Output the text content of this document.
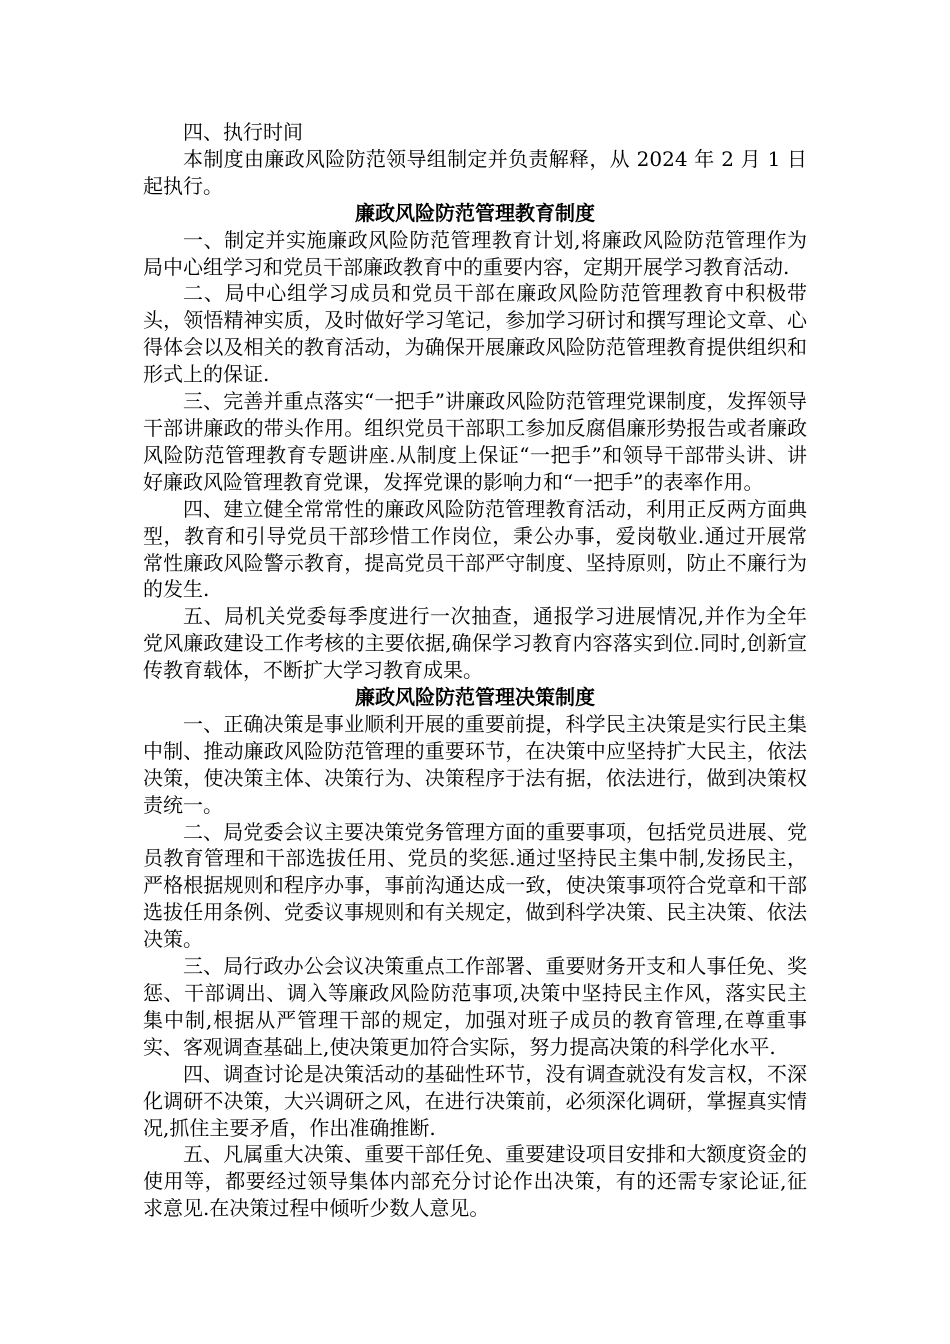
四、执行时间

本制度由廉政风险防范领导组制定并负责解释，从 2024 年 2 月 1 日起执行。

廉政风险防范管理教育制度

一、制定并实施廉政风险防范管理教育计划,将廉政风险防范管理作为局中心组学习和党员干部廉政教育中的重要内容，定期开展学习教育活动.

二、局中心组学习成员和党员干部在廉政风险防范管理教育中积极带头，领悟精神实质，及时做好学习笔记，参加学习研讨和撰写理论文章、心得体会以及相关的教育活动，为确保开展廉政风险防范管理教育提供组织和形式上的保证.

三、完善并重点落实“一把手”讲廉政风险防范管理党课制度，发挥领导干部讲廉政的带头作用。组织党员干部职工参加反腐倡廉形势报告或者廉政风险防范管理教育专题讲座.从制度上保证“一把手”和领导干部带头讲、讲好廉政风险管理教育党课，发挥党课的影响力和“一把手”的表率作用。

四、建立健全常常性的廉政风险防范管理教育活动，利用正反两方面典型，教育和引导党员干部珍惜工作岗位，秉公办事，爱岗敬业.通过开展常常性廉政风险警示教育，提高党员干部严守制度、坚持原则，防止不廉行为的发生.

五、局机关党委每季度进行一次抽查，通报学习进展情况,并作为全年党风廉政建设工作考核的主要依据,确保学习教育内容落实到位.同时,创新宣传教育载体，不断扩大学习教育成果。

廉政风险防范管理决策制度

一、正确决策是事业顺利开展的重要前提，科学民主决策是实行民主集中制、推动廉政风险防范管理的重要环节，在决策中应坚持扩大民主，依法决策，使决策主体、决策行为、决策程序于法有据，依法进行，做到决策权责统一。

二、局党委会议主要决策党务管理方面的重要事项，包括党员进展、党员教育管理和干部选拔任用、党员的奖惩.通过坚持民主集中制,发扬民主，严格根据规则和程序办事，事前沟通达成一致，使决策事项符合党章和干部选拔任用条例、党委议事规则和有关规定，做到科学决策、民主决策、依法决策。

三、局行政办公会议决策重点工作部署、重要财务开支和人事任免、奖惩、干部调出、调入等廉政风险防范事项,决策中坚持民主作风，落实民主集中制,根据从严管理干部的规定，加强对班子成员的教育管理,在尊重事实、客观调查基础上,使决策更加符合实际，努力提高决策的科学化水平.

四、调查讨论是决策活动的基础性环节，没有调查就没有发言权，不深化调研不决策，大兴调研之风，在进行决策前，必须深化调研，掌握真实情况,抓住主要矛盾，作出准确推断.

五、凡属重大决策、重要干部任免、重要建设项目安排和大额度资金的使用等，都要经过领导集体内部充分讨论作出决策，有的还需专家论证,征求意见.在决策过程中倾听少数人意见。
